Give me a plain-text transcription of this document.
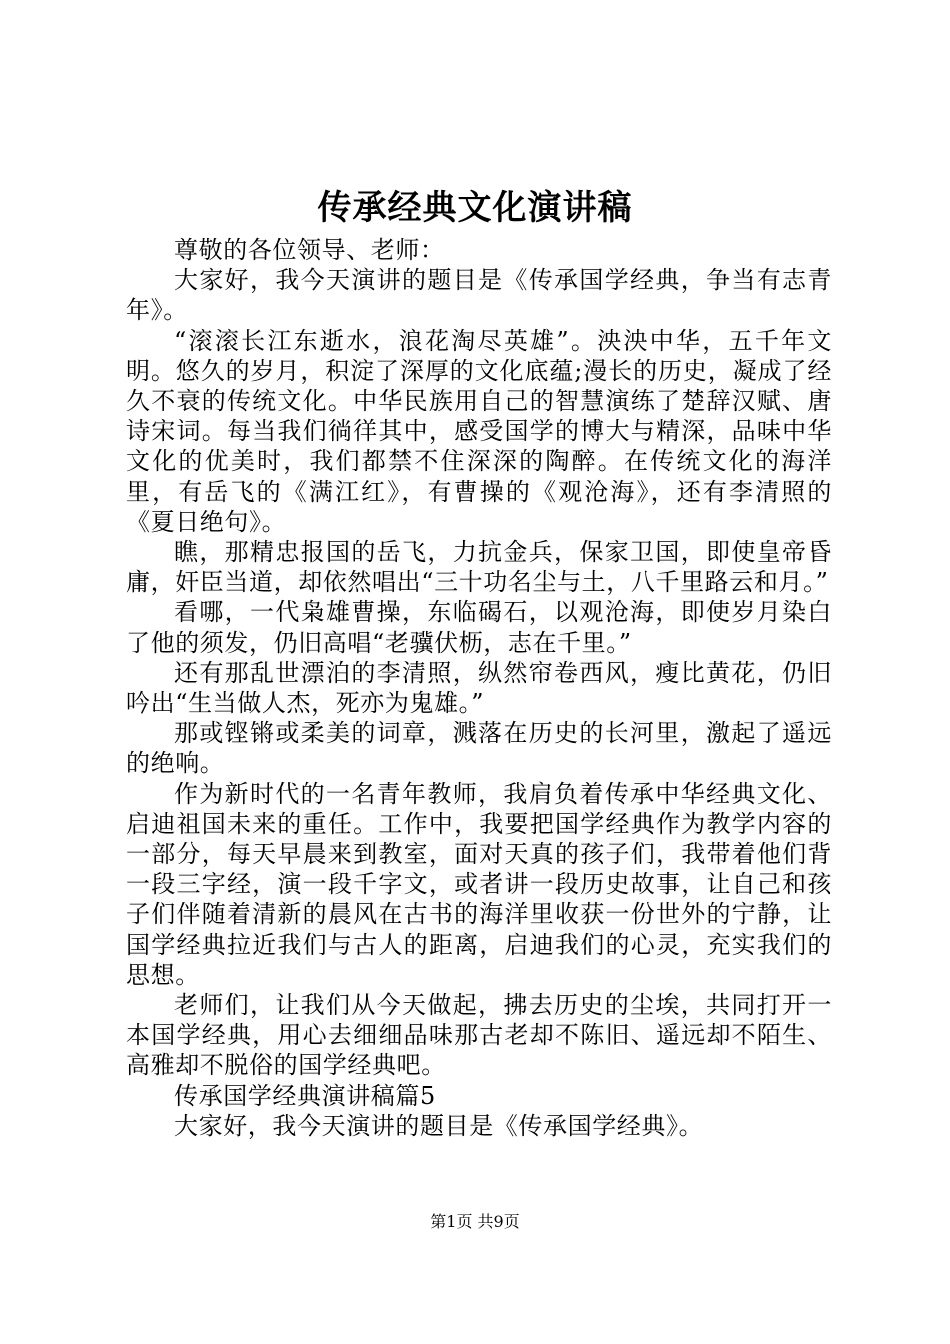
传承经典文化演讲稿

尊敬的各位领导、老师：

大家好，我今天演讲的题目是《传承国学经典，争当有志青年》。

“滚滚长江东逝水，浪花淘尽英雄”。泱泱中华，五千年文明。悠久的岁月，积淀了深厚的文化底蕴;漫长的历史，凝成了经久不衰的传统文化。中华民族用自己的智慧演练了楚辞汉赋、唐诗宋词。每当我们徜徉其中，感受国学的博大与精深，品味中华文化的优美时，我们都禁不住深深的陶醉。在传统文化的海洋里，有岳飞的《满江红》，有曹操的《观沧海》，还有李清照的《夏日绝句》。

瞧，那精忠报国的岳飞，力抗金兵，保家卫国，即使皇帝昏庸，奸臣当道，却依然唱出“三十功名尘与土，八千里路云和月。”

看哪，一代枭雄曹操，东临碣石，以观沧海，即使岁月染白了他的须发，仍旧高唱“老骥伏枥，志在千里。”

还有那乱世漂泊的李清照，纵然帘卷西风，瘦比黄花，仍旧吟出“生当做人杰，死亦为鬼雄。”

那或铿锵或柔美的词章，溅落在历史的长河里，激起了遥远的绝响。

作为新时代的一名青年教师，我肩负着传承中华经典文化、启迪祖国未来的重任。工作中，我要把国学经典作为教学内容的一部分，每天早晨来到教室，面对天真的孩子们，我带着他们背一段三字经，演一段千字文，或者讲一段历史故事，让自己和孩子们伴随着清新的晨风在古书的海洋里收获一份世外的宁静，让国学经典拉近我们与古人的距离，启迪我们的心灵，充实我们的思想。

老师们，让我们从今天做起，拂去历史的尘埃，共同打开一本国学经典，用心去细细品味那古老却不陈旧、遥远却不陌生、高雅却不脱俗的国学经典吧。

传承国学经典演讲稿篇5

大家好，我今天演讲的题目是《传承国学经典》。

第1页 共9页
